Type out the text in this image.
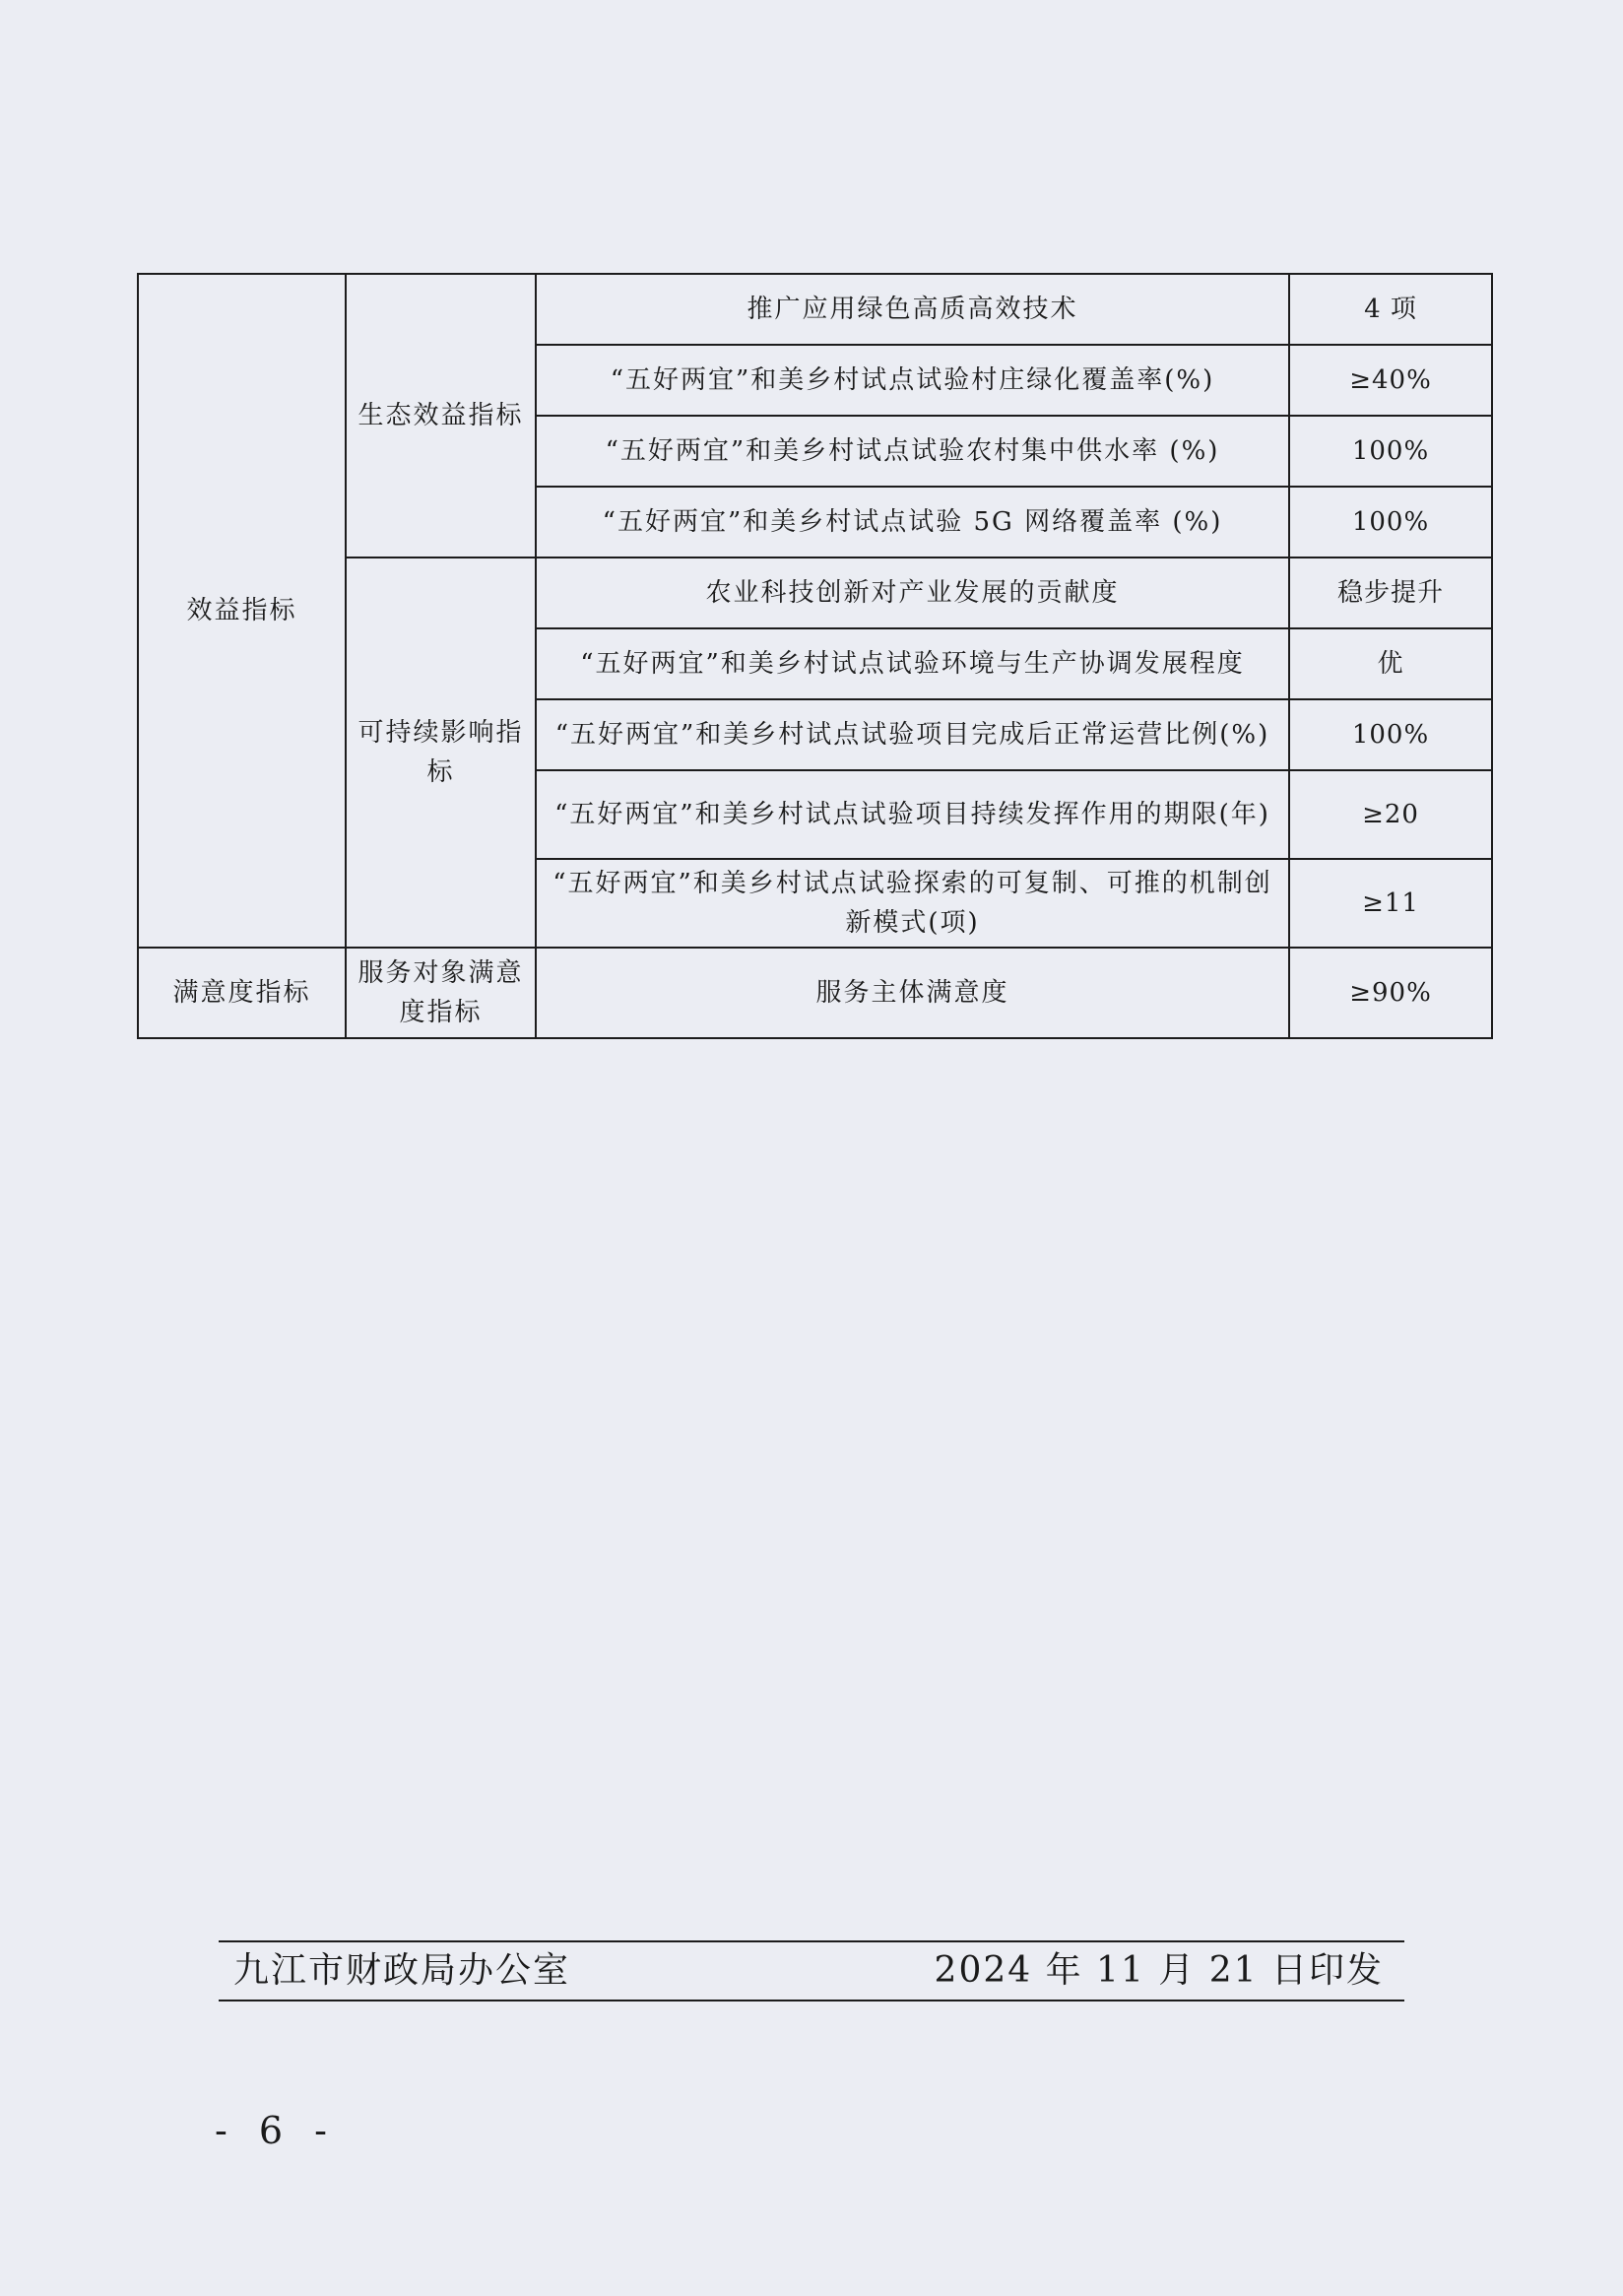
效益指标	生态效益指标	推广应用绿色高质高效技术	4 项
		“五好两宜”和美乡村试点试验村庄绿化覆盖率(%)	≥40%
		“五好两宜”和美乡村试点试验农村集中供水率 (%)	100%
		“五好两宜”和美乡村试点试验 5G 网络覆盖率 (%)	100%
	可持续影响指标	农业科技创新对产业发展的贡献度	稳步提升
		“五好两宜”和美乡村试点试验环境与生产协调发展程度	优
		“五好两宜”和美乡村试点试验项目完成后正常运营比例(%)	100%
		“五好两宜”和美乡村试点试验项目持续发挥作用的期限(年)	≥20
		“五好两宜”和美乡村试点试验探索的可复制、可推的机制创新模式(项)	≥11
满意度指标	服务对象满意度指标	服务主体满意度	≥90%
九江市财政局办公室	2024 年 11 月 21 日印发
- 6 -
